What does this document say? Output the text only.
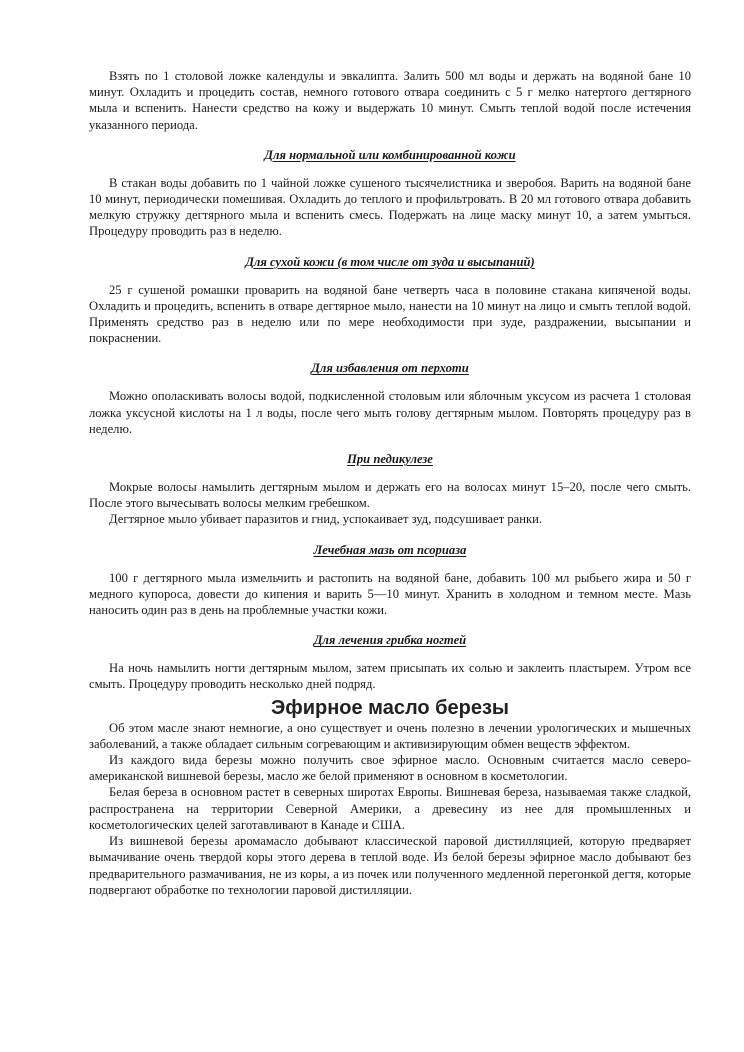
Взять по 1 столовой ложке календулы и эвкалипта. Залить 500 мл воды и держать на водяной бане 10 минут. Охладить и процедить состав, немного готового отвара соединить с 5 г мелко натертого дегтярного мыла и вспенить. Нанести средство на кожу и выдержать 10 минут. Смыть теплой водой после истечения указанного периода.

Для нормальной или комбинированной кожи

В стакан воды добавить по 1 чайной ложке сушеного тысячелистника и зверобоя. Варить на водяной бане 10 минут, периодически помешивая. Охладить до теплого и профильтровать. В 20 мл готового отвара добавить мелкую стружку дегтярного мыла и вспенить смесь. Подержать на лице маску минут 10, а затем умыться. Процедуру проводить раз в неделю.

Для сухой кожи (в том числе от зуда и высыпаний)

25 г сушеной ромашки проварить на водяной бане четверть часа в половине стакана кипяченой воды. Охладить и процедить, вспенить в отваре дегтярное мыло, нанести на 10 минут на лицо и смыть теплой водой. Применять средство раз в неделю или по мере необходимости при зуде, раздражении, высыпании и покраснении.

Для избавления от перхоти

Можно ополаскивать волосы водой, подкисленной столовым или яблочным уксусом из расчета 1 столовая ложка уксусной кислоты на 1 л воды, после чего мыть голову дегтярным мылом. Повторять процедуру раз в неделю.

При педикулезе

Мокрые волосы намылить дегтярным мылом и держать его на волосах минут 15–20, после чего смыть. После этого вычесывать волосы мелким гребешком.

Дегтярное мыло убивает паразитов и гнид, успокаивает зуд, подсушивает ранки.

Лечебная мазь от псориаза

100 г дегтярного мыла измельчить и растопить на водяной бане, добавить 100 мл рыбьего жира и 50 г медного купороса, довести до кипения и варить 5—10 минут. Хранить в холодном и темном месте. Мазь наносить один раз в день на проблемные участки кожи.

Для лечения грибка ногтей

На ночь намылить ногти дегтярным мылом, затем присыпать их солью и заклеить пластырем. Утром все смыть. Процедуру проводить несколько дней подряд.

Эфирное масло березы

Об этом масле знают немногие, а оно существует и очень полезно в лечении урологических и мышечных заболеваний, а также обладает сильным согревающим и активизирующим обмен веществ эффектом.

Из каждого вида березы можно получить свое эфирное масло. Основным считается масло северо-американской вишневой березы, масло же белой применяют в основном в косметологии.

Белая береза в основном растет в северных широтах Европы. Вишневая береза, называемая также сладкой, распространена на территории Северной Америки, а древесину из нее для промышленных и косметологических целей заготавливают в Канаде и США.

Из вишневой березы аромамасло добывают классической паровой дистилляцией, которую предваряет вымачивание очень твердой коры этого дерева в теплой воде. Из белой березы эфирное масло добывают без предварительного размачивания, не из коры, а из почек или полученного медленной перегонкой дегтя, которые подвергают обработке по технологии паровой дистилляции.
